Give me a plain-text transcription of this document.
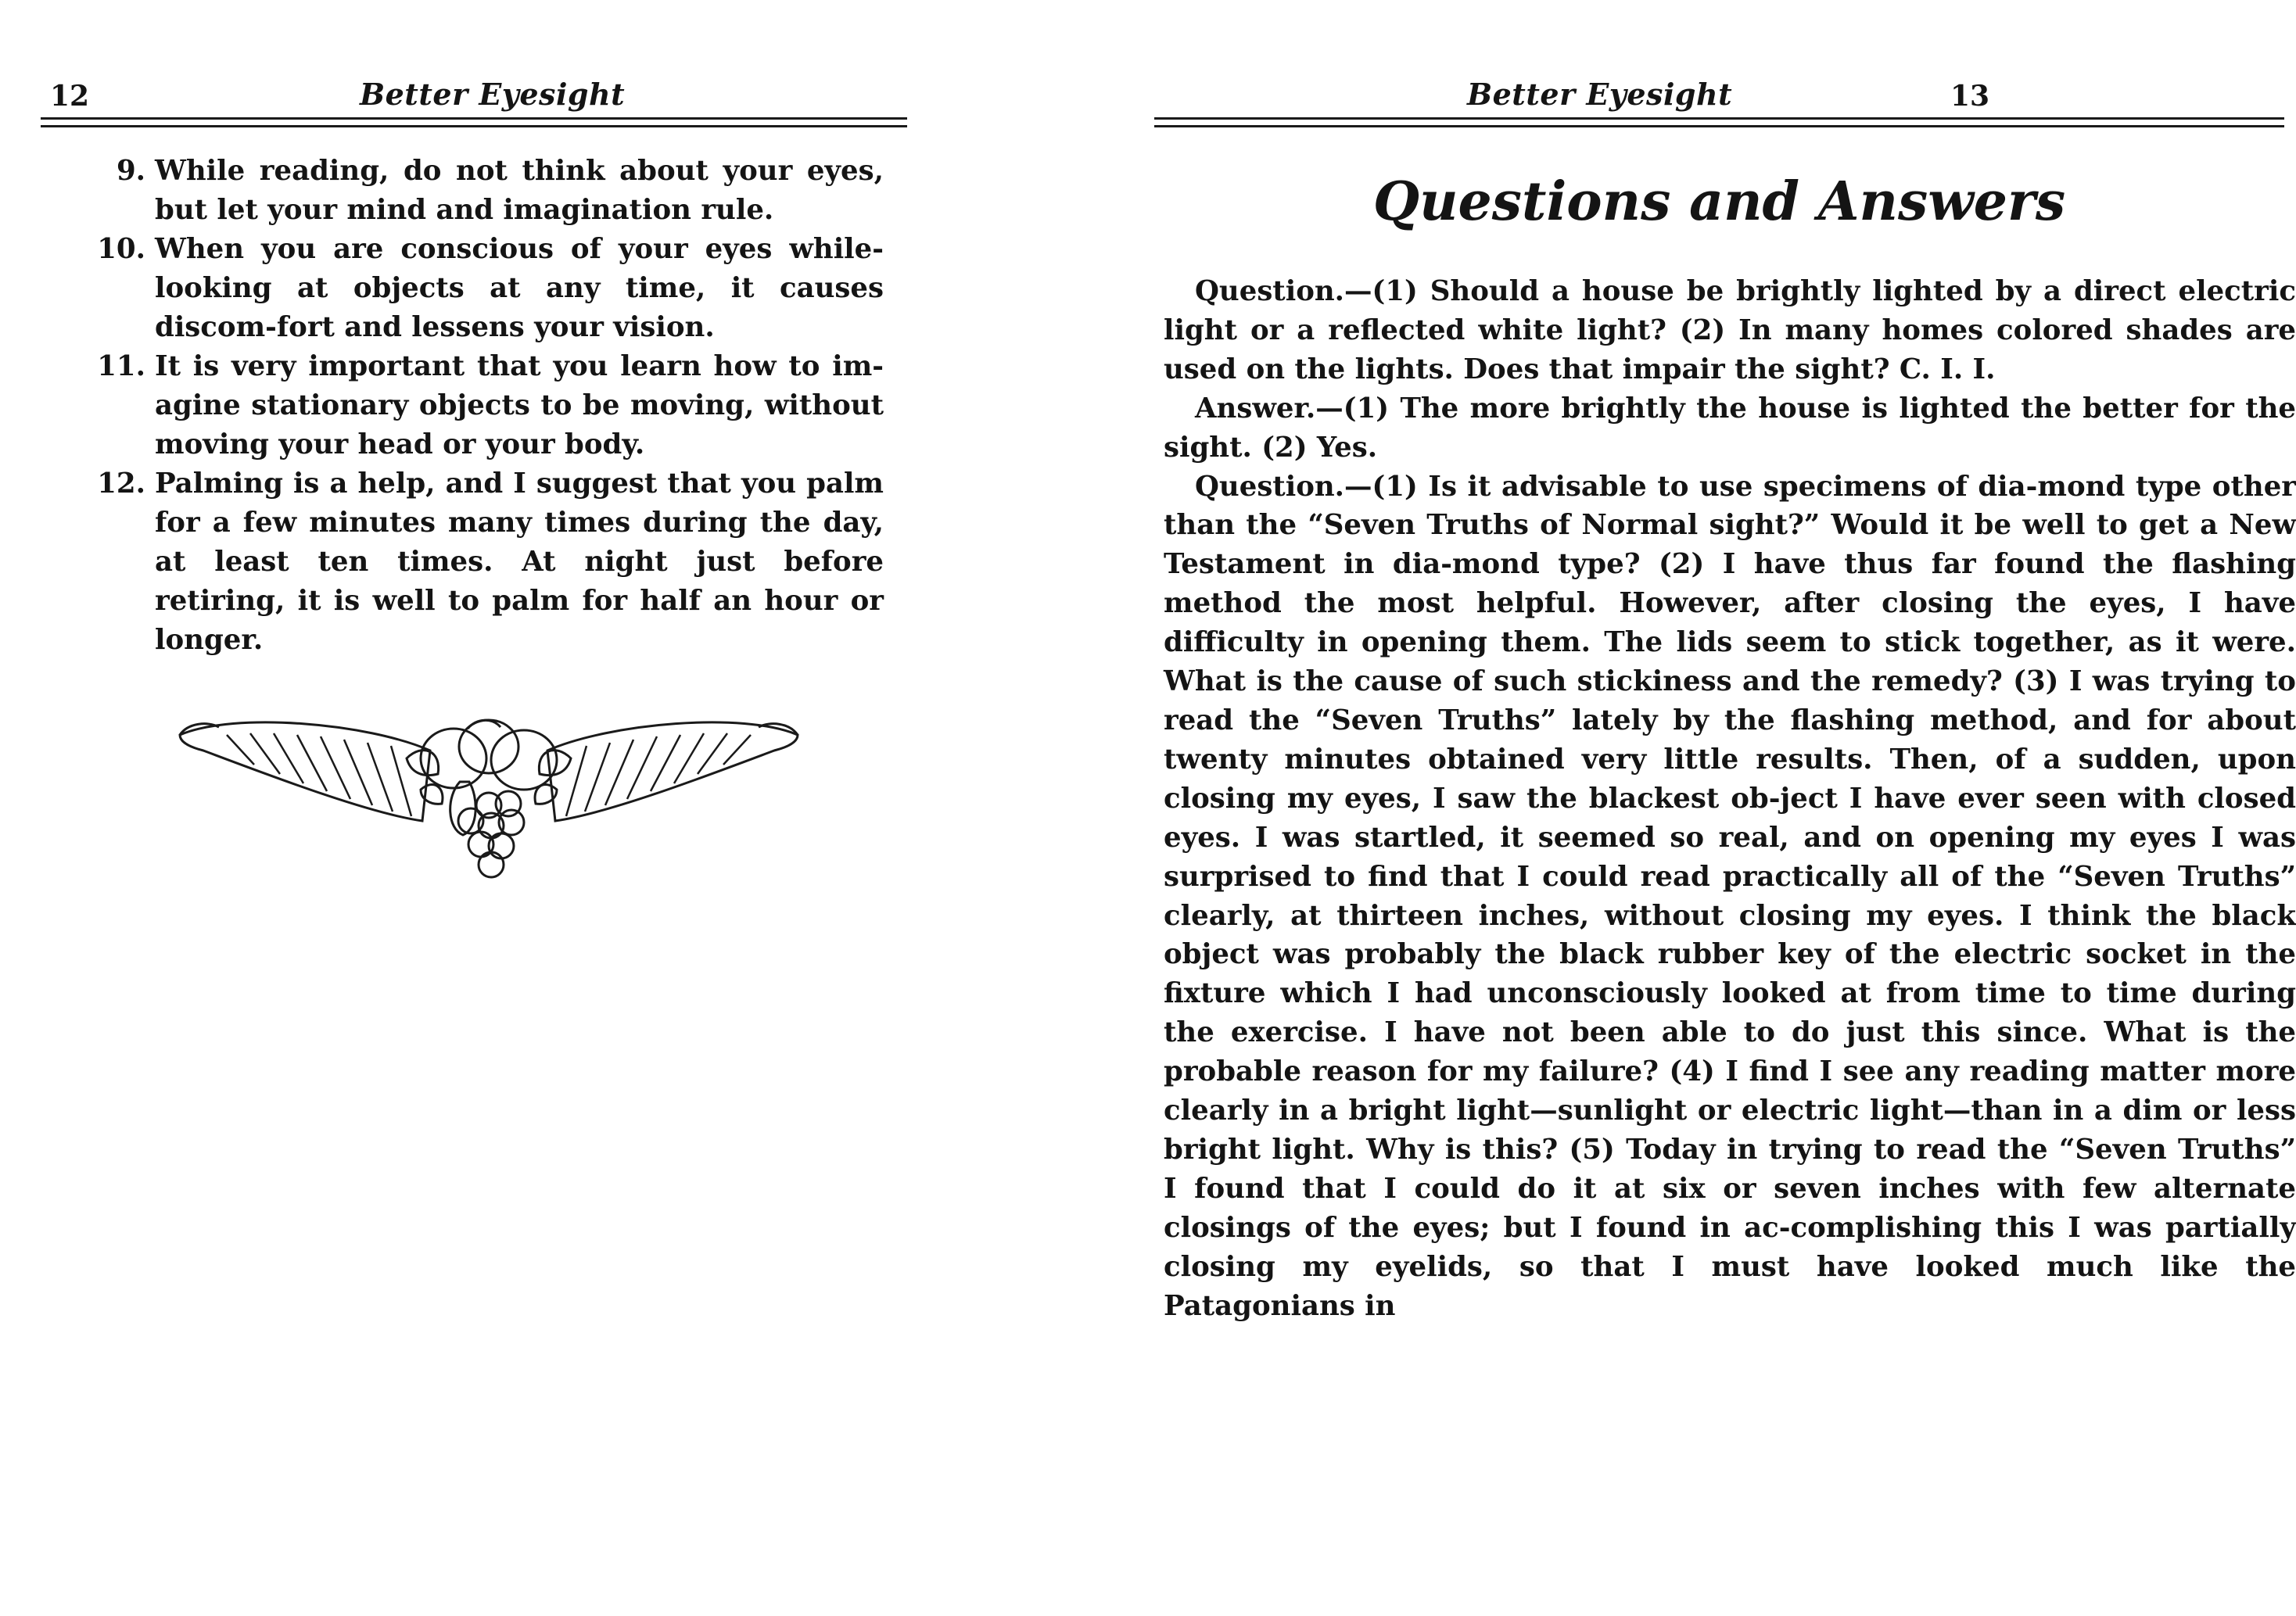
12	Better Eyesight
9. While reading, do not think about your eyes, but let your mind and imagination rule.
10. When you are conscious of your eyes while-looking at objects at any time, it causes discom-fort and lessens your vision.
11. It is very important that you learn how to im-agine stationary objects to be moving, without moving your head or your body.
12. Palming is a help, and I suggest that you palm for a few minutes many times during the day, at least ten times. At night just before retiring, it is well to palm for half an hour or longer.
Better Eyesight	13
Questions and Answers

Question.—(1) Should a house be brightly lighted by a direct electric light or a reflected white light? (2) In many homes colored shades are used on the lights. Does that impair the sight? C. I. I.

Answer.—(1) The more brightly the house is lighted the better for the sight. (2) Yes.

Question.—(1) Is it advisable to use specimens of dia-mond type other than the “Seven Truths of Normal sight?” Would it be well to get a New Testament in dia-mond type? (2) I have thus far found the flashing method the most helpful. However, after closing the eyes, I have difficulty in opening them. The lids seem to stick together, as it were. What is the cause of such stickiness and the remedy? (3) I was trying to read the “Seven Truths” lately by the flashing method, and for about twenty minutes obtained very little results. Then, of a sudden, upon closing my eyes, I saw the blackest ob-ject I have ever seen with closed eyes. I was startled, it seemed so real, and on opening my eyes I was surprised to find that I could read practically all of the “Seven Truths” clearly, at thirteen inches, without closing my eyes. I think the black object was probably the black rubber key of the electric socket in the fixture which I had unconsciously looked at from time to time during the exercise. I have not been able to do just this since. What is the probable reason for my failure? (4) I find I see any reading matter more clearly in a bright light—sunlight or electric light—than in a dim or less bright light. Why is this? (5) Today in trying to read the “Seven Truths” I found that I could do it at six or seven inches with few alternate closings of the eyes; but I found in ac-complishing this I was partially closing my eyelids, so that I must have looked much like the Patagonians in
